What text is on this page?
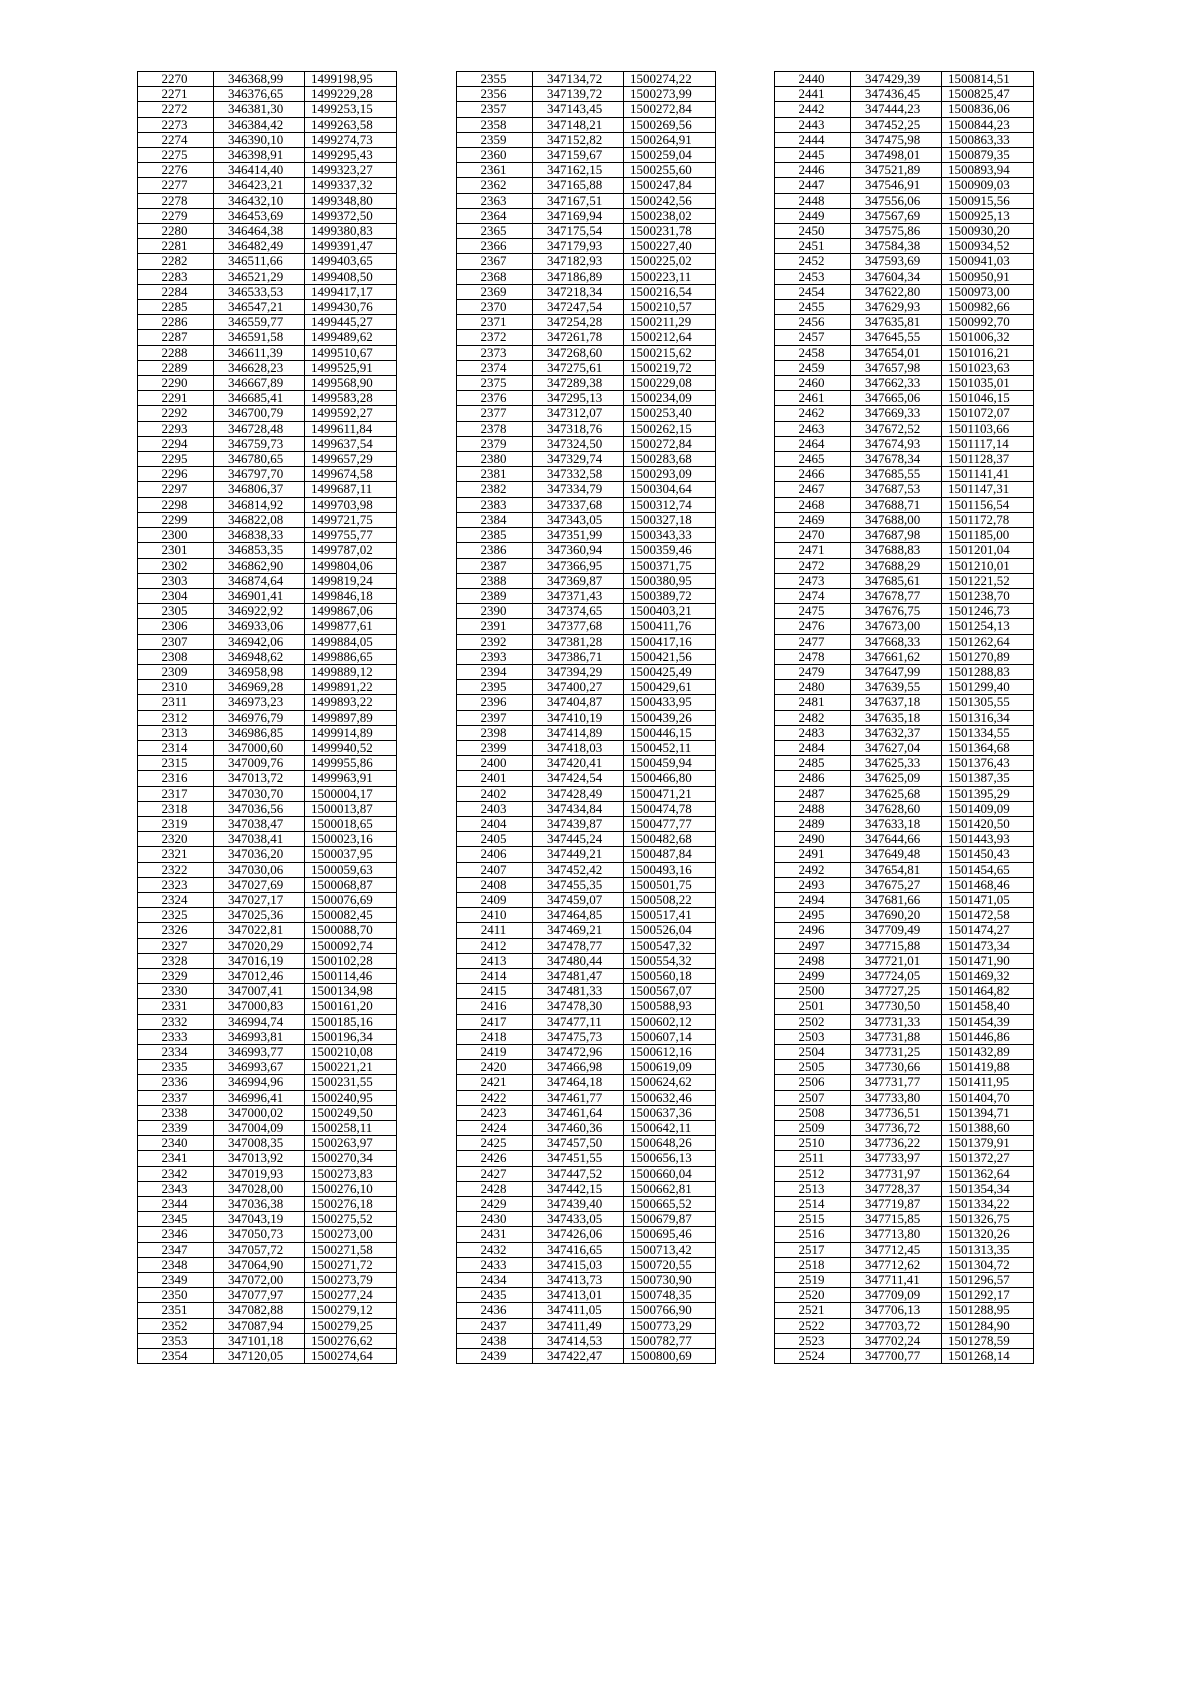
2270	346368,99	1499198,95
2271	346376,65	1499229,28
2272	346381,30	1499253,15
2273	346384,42	1499263,58
2274	346390,10	1499274,73
2275	346398,91	1499295,43
2276	346414,40	1499323,27
2277	346423,21	1499337,32
2278	346432,10	1499348,80
2279	346453,69	1499372,50
2280	346464,38	1499380,83
2281	346482,49	1499391,47
2282	346511,66	1499403,65
2283	346521,29	1499408,50
2284	346533,53	1499417,17
2285	346547,21	1499430,76
2286	346559,77	1499445,27
2287	346591,58	1499489,62
2288	346611,39	1499510,67
2289	346628,23	1499525,91
2290	346667,89	1499568,90
2291	346685,41	1499583,28
2292	346700,79	1499592,27
2293	346728,48	1499611,84
2294	346759,73	1499637,54
2295	346780,65	1499657,29
2296	346797,70	1499674,58
2297	346806,37	1499687,11
2298	346814,92	1499703,98
2299	346822,08	1499721,75
2300	346838,33	1499755,77
2301	346853,35	1499787,02
2302	346862,90	1499804,06
2303	346874,64	1499819,24
2304	346901,41	1499846,18
2305	346922,92	1499867,06
2306	346933,06	1499877,61
2307	346942,06	1499884,05
2308	346948,62	1499886,65
2309	346958,98	1499889,12
2310	346969,28	1499891,22
2311	346973,23	1499893,22
2312	346976,79	1499897,89
2313	346986,85	1499914,89
2314	347000,60	1499940,52
2315	347009,76	1499955,86
2316	347013,72	1499963,91
2317	347030,70	1500004,17
2318	347036,56	1500013,87
2319	347038,47	1500018,65
2320	347038,41	1500023,16
2321	347036,20	1500037,95
2322	347030,06	1500059,63
2323	347027,69	1500068,87
2324	347027,17	1500076,69
2325	347025,36	1500082,45
2326	347022,81	1500088,70
2327	347020,29	1500092,74
2328	347016,19	1500102,28
2329	347012,46	1500114,46
2330	347007,41	1500134,98
2331	347000,83	1500161,20
2332	346994,74	1500185,16
2333	346993,81	1500196,34
2334	346993,77	1500210,08
2335	346993,67	1500221,21
2336	346994,96	1500231,55
2337	346996,41	1500240,95
2338	347000,02	1500249,50
2339	347004,09	1500258,11
2340	347008,35	1500263,97
2341	347013,92	1500270,34
2342	347019,93	1500273,83
2343	347028,00	1500276,10
2344	347036,38	1500276,18
2345	347043,19	1500275,52
2346	347050,73	1500273,00
2347	347057,72	1500271,58
2348	347064,90	1500271,72
2349	347072,00	1500273,79
2350	347077,97	1500277,24
2351	347082,88	1500279,12
2352	347087,94	1500279,25
2353	347101,18	1500276,62
2354	347120,05	1500274,64
2355	347134,72	1500274,22
2356	347139,72	1500273,99
2357	347143,45	1500272,84
2358	347148,21	1500269,56
2359	347152,82	1500264,91
2360	347159,67	1500259,04
2361	347162,15	1500255,60
2362	347165,88	1500247,84
2363	347167,51	1500242,56
2364	347169,94	1500238,02
2365	347175,54	1500231,78
2366	347179,93	1500227,40
2367	347182,93	1500225,02
2368	347186,89	1500223,11
2369	347218,34	1500216,54
2370	347247,54	1500210,57
2371	347254,28	1500211,29
2372	347261,78	1500212,64
2373	347268,60	1500215,62
2374	347275,61	1500219,72
2375	347289,38	1500229,08
2376	347295,13	1500234,09
2377	347312,07	1500253,40
2378	347318,76	1500262,15
2379	347324,50	1500272,84
2380	347329,74	1500283,68
2381	347332,58	1500293,09
2382	347334,79	1500304,64
2383	347337,68	1500312,74
2384	347343,05	1500327,18
2385	347351,99	1500343,33
2386	347360,94	1500359,46
2387	347366,95	1500371,75
2388	347369,87	1500380,95
2389	347371,43	1500389,72
2390	347374,65	1500403,21
2391	347377,68	1500411,76
2392	347381,28	1500417,16
2393	347386,71	1500421,56
2394	347394,29	1500425,49
2395	347400,27	1500429,61
2396	347404,87	1500433,95
2397	347410,19	1500439,26
2398	347414,89	1500446,15
2399	347418,03	1500452,11
2400	347420,41	1500459,94
2401	347424,54	1500466,80
2402	347428,49	1500471,21
2403	347434,84	1500474,78
2404	347439,87	1500477,77
2405	347445,24	1500482,68
2406	347449,21	1500487,84
2407	347452,42	1500493,16
2408	347455,35	1500501,75
2409	347459,07	1500508,22
2410	347464,85	1500517,41
2411	347469,21	1500526,04
2412	347478,77	1500547,32
2413	347480,44	1500554,32
2414	347481,47	1500560,18
2415	347481,33	1500567,07
2416	347478,30	1500588,93
2417	347477,11	1500602,12
2418	347475,73	1500607,14
2419	347472,96	1500612,16
2420	347466,98	1500619,09
2421	347464,18	1500624,62
2422	347461,77	1500632,46
2423	347461,64	1500637,36
2424	347460,36	1500642,11
2425	347457,50	1500648,26
2426	347451,55	1500656,13
2427	347447,52	1500660,04
2428	347442,15	1500662,81
2429	347439,40	1500665,52
2430	347433,05	1500679,87
2431	347426,06	1500695,46
2432	347416,65	1500713,42
2433	347415,03	1500720,55
2434	347413,73	1500730,90
2435	347413,01	1500748,35
2436	347411,05	1500766,90
2437	347411,49	1500773,29
2438	347414,53	1500782,77
2439	347422,47	1500800,69
2440	347429,39	1500814,51
2441	347436,45	1500825,47
2442	347444,23	1500836,06
2443	347452,25	1500844,23
2444	347475,98	1500863,33
2445	347498,01	1500879,35
2446	347521,89	1500893,94
2447	347546,91	1500909,03
2448	347556,06	1500915,56
2449	347567,69	1500925,13
2450	347575,86	1500930,20
2451	347584,38	1500934,52
2452	347593,69	1500941,03
2453	347604,34	1500950,91
2454	347622,80	1500973,00
2455	347629,93	1500982,66
2456	347635,81	1500992,70
2457	347645,55	1501006,32
2458	347654,01	1501016,21
2459	347657,98	1501023,63
2460	347662,33	1501035,01
2461	347665,06	1501046,15
2462	347669,33	1501072,07
2463	347672,52	1501103,66
2464	347674,93	1501117,14
2465	347678,34	1501128,37
2466	347685,55	1501141,41
2467	347687,53	1501147,31
2468	347688,71	1501156,54
2469	347688,00	1501172,78
2470	347687,98	1501185,00
2471	347688,83	1501201,04
2472	347688,29	1501210,01
2473	347685,61	1501221,52
2474	347678,77	1501238,70
2475	347676,75	1501246,73
2476	347673,00	1501254,13
2477	347668,33	1501262,64
2478	347661,62	1501270,89
2479	347647,99	1501288,83
2480	347639,55	1501299,40
2481	347637,18	1501305,55
2482	347635,18	1501316,34
2483	347632,37	1501334,55
2484	347627,04	1501364,68
2485	347625,33	1501376,43
2486	347625,09	1501387,35
2487	347625,68	1501395,29
2488	347628,60	1501409,09
2489	347633,18	1501420,50
2490	347644,66	1501443,93
2491	347649,48	1501450,43
2492	347654,81	1501454,65
2493	347675,27	1501468,46
2494	347681,66	1501471,05
2495	347690,20	1501472,58
2496	347709,49	1501474,27
2497	347715,88	1501473,34
2498	347721,01	1501471,90
2499	347724,05	1501469,32
2500	347727,25	1501464,82
2501	347730,50	1501458,40
2502	347731,33	1501454,39
2503	347731,88	1501446,86
2504	347731,25	1501432,89
2505	347730,66	1501419,88
2506	347731,77	1501411,95
2507	347733,80	1501404,70
2508	347736,51	1501394,71
2509	347736,72	1501388,60
2510	347736,22	1501379,91
2511	347733,97	1501372,27
2512	347731,97	1501362,64
2513	347728,37	1501354,34
2514	347719,87	1501334,22
2515	347715,85	1501326,75
2516	347713,80	1501320,26
2517	347712,45	1501313,35
2518	347712,62	1501304,72
2519	347711,41	1501296,57
2520	347709,09	1501292,17
2521	347706,13	1501288,95
2522	347703,72	1501284,90
2523	347702,24	1501278,59
2524	347700,77	1501268,14
